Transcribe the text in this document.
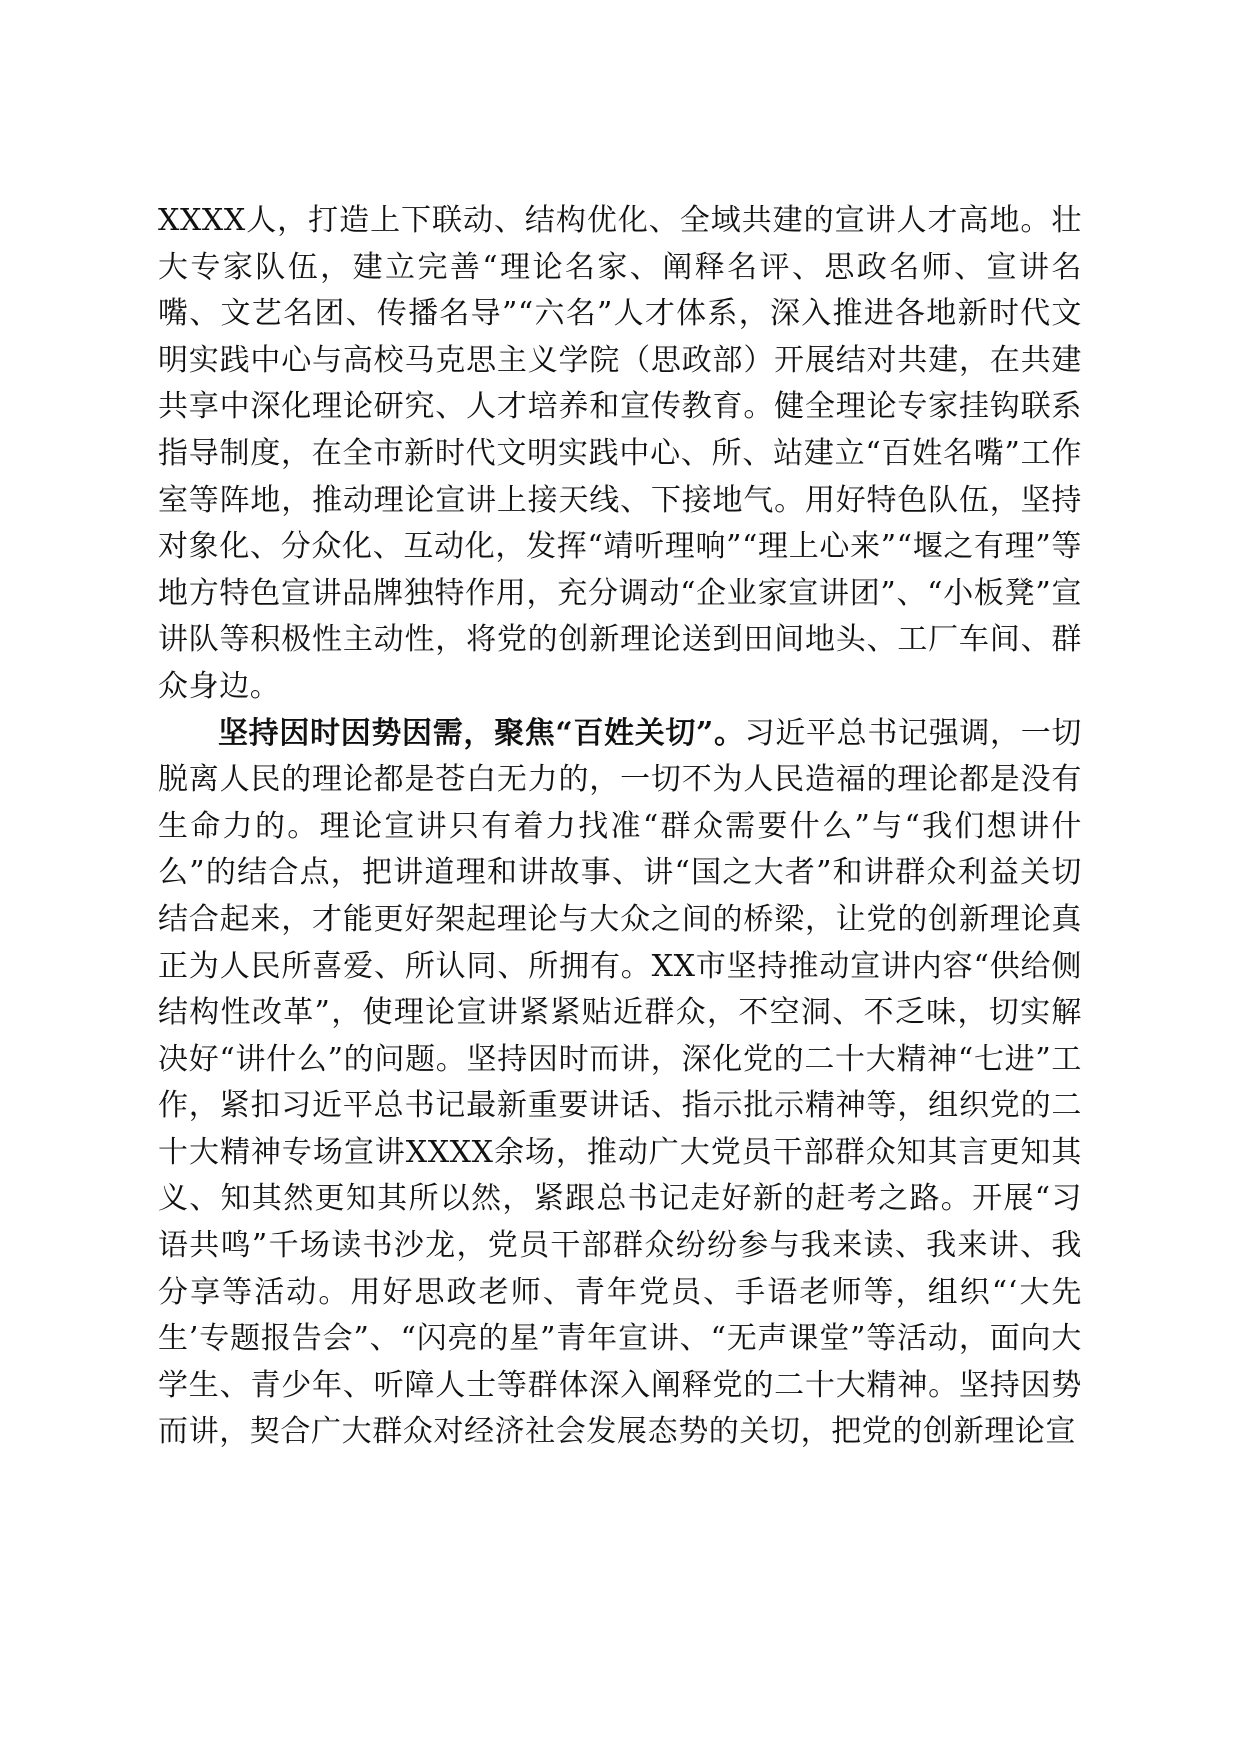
XXXX人，打造上下联动、结构优化、全域共建的宣讲人才高地。壮大专家队伍，建立完善“理论名家、阐释名评、思政名师、宣讲名嘴、文艺名团、传播名导”“六名”人才体系，深入推进各地新时代文明实践中心与高校马克思主义学院（思政部）开展结对共建，在共建共享中深化理论研究、人才培养和宣传教育。健全理论专家挂钩联系指导制度，在全市新时代文明实践中心、所、站建立“百姓名嘴”工作室等阵地，推动理论宣讲上接天线、下接地气。用好特色队伍，坚持对象化、分众化、互动化，发挥“靖听理响”“理上心来”“堰之有理”等地方特色宣讲品牌独特作用，充分调动“企业家宣讲团”、“小板凳”宣讲队等积极性主动性，将党的创新理论送到田间地头、工厂车间、群众身边。

坚持因时因势因需，聚焦“百姓关切”。习近平总书记强调，一切脱离人民的理论都是苍白无力的，一切不为人民造福的理论都是没有生命力的。理论宣讲只有着力找准“群众需要什么”与“我们想讲什么”的结合点，把讲道理和讲故事、讲“国之大者”和讲群众利益关切结合起来，才能更好架起理论与大众之间的桥梁，让党的创新理论真正为人民所喜爱、所认同、所拥有。XX市坚持推动宣讲内容“供给侧结构性改革”，使理论宣讲紧紧贴近群众，不空洞、不乏味，切实解决好“讲什么”的问题。坚持因时而讲，深化党的二十大精神“七进”工作，紧扣习近平总书记最新重要讲话、指示批示精神等，组织党的二十大精神专场宣讲XXXX余场，推动广大党员干部群众知其言更知其义、知其然更知其所以然，紧跟总书记走好新的赶考之路。开展“习语共鸣”千场读书沙龙，党员干部群众纷纷参与我来读、我来讲、我分享等活动。用好思政老师、青年党员、手语老师等，组织“‘大先生’专题报告会”、“闪亮的星”青年宣讲、“无声课堂”等活动，面向大学生、青少年、听障人士等群体深入阐释党的二十大精神。坚持因势而讲，契合广大群众对经济社会发展态势的关切，把党的创新理论宣
